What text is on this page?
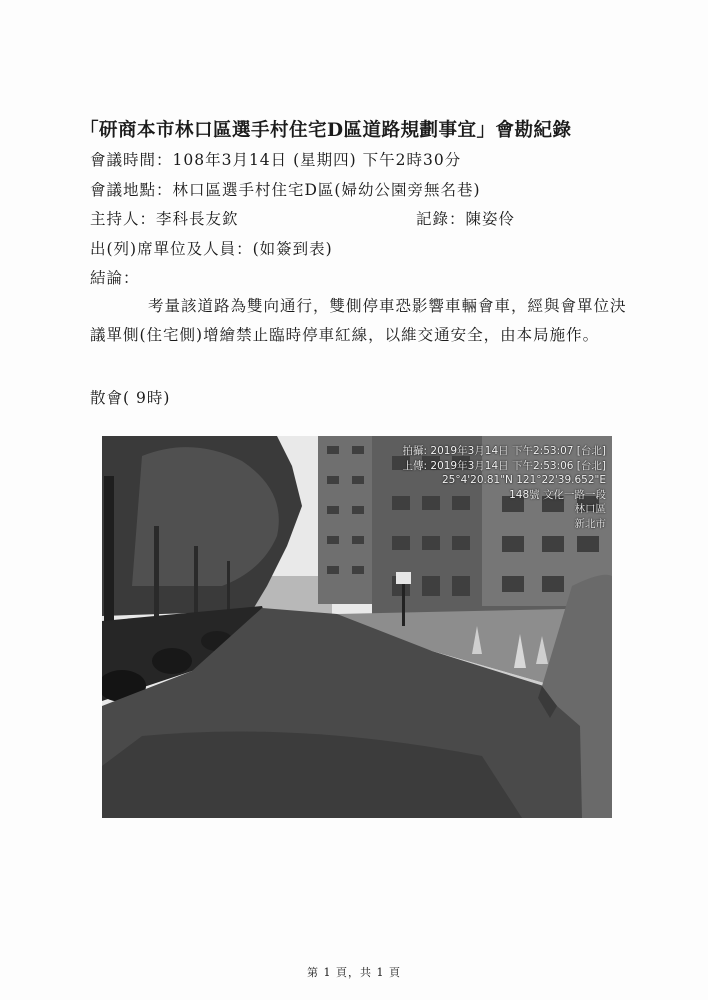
「研商本市林口區選手村住宅D區道路規劃事宜」會勘紀錄
會議時間：108年3月14日 (星期四) 下午2時30分
會議地點：林口區選手村住宅D區(婦幼公園旁無名巷)
主持人：李科長友欽	記錄：陳姿伶
出(列)席單位及人員：(如簽到表)
結論：
考量該道路為雙向通行，雙側停車恐影響車輛會車，經與會單位決議單側(住宅側)增繪禁止臨時停車紅線，以維交通安全，由本局施作。
散會( 9時)
拍攝: 2019年3月14日 下午2:53:07 [台北]
上傳: 2019年3月14日 下午2:53:06 [台北]
25°4'20.81"N 121°22'39.652"E
148號 文化一路一段
林口區
新北市
第 1 頁，共 1 頁
